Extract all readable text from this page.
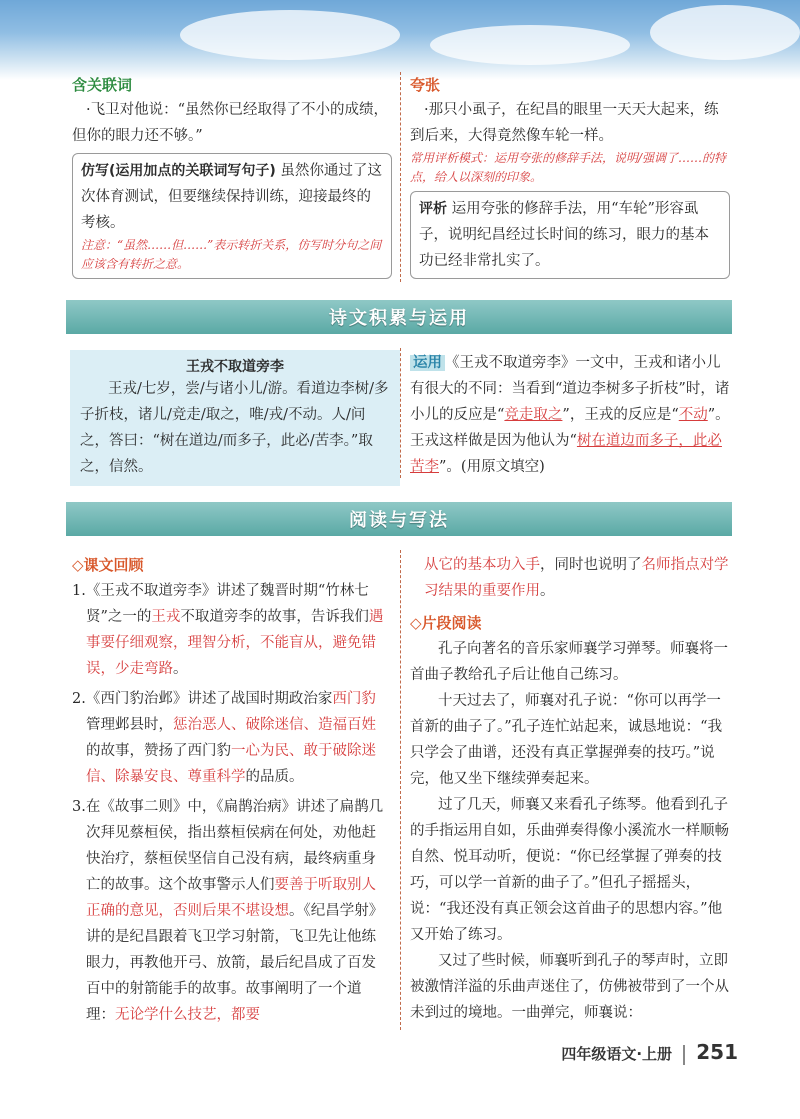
含关联词
·飞卫对他说：“虽然你已经取得了不小的成绩，但你的眼力还不够。”
仿写(运用加点的关联词写句子) 虽然你通过了这次体育测试，但要继续保持训练，迎接最终的考核。
注意：“虽然……但……”表示转折关系，仿写时分句之间应该含有转折之意。
夸张
·那只小虱子，在纪昌的眼里一天天大起来，练到后来，大得竟然像车轮一样。
常用评析模式：运用夸张的修辞手法，说明/强调了……的特点，给人以深刻的印象。
评析 运用夸张的修辞手法，用“车轮”形容虱子，说明纪昌经过长时间的练习，眼力的基本功已经非常扎实了。
诗文积累与运用
王戎不取道旁李
王戎/七岁，尝/与诸小儿/游。看道边李树/多子折枝，诸儿/竞走/取之，唯/戎/不动。人/问之，答曰：“树在道边/而多子，此必/苦李。”取之，信然。
运用 《王戎不取道旁李》一文中，王戎和诸小儿有很大的不同：当看到“道边李树多子折枝”时，诸小儿的反应是“竞走取之”，王戎的反应是“不动”。王戎这样做是因为他认为“树在道边而多子，此必苦李”。(用原文填空)
阅读与写法
◇课文回顾
1.《王戎不取道旁李》讲述了魏晋时期“竹林七贤”之一的王戎不取道旁李的故事，告诉我们遇事要仔细观察，理智分析，不能盲从，避免错误，少走弯路。
2.《西门豹治邺》讲述了战国时期政治家西门豹管理邺县时，惩治恶人、破除迷信、造福百姓的故事，赞扬了西门豹一心为民、敢于破除迷信、除暴安良、尊重科学的品质。
3.在《故事二则》中，《扁鹊治病》讲述了扁鹊几次拜见蔡桓侯，指出蔡桓侯病在何处，劝他赶快治疗，蔡桓侯坚信自己没有病，最终病重身亡的故事。这个故事警示人们要善于听取别人正确的意见，否则后果不堪设想。《纪昌学射》讲的是纪昌跟着飞卫学习射箭，飞卫先让他练眼力，再教他开弓、放箭，最后纪昌成了百发百中的射箭能手的故事。故事阐明了一个道理：无论学什么技艺，都要
从它的基本功入手，同时也说明了名师指点对学习结果的重要作用。
◇片段阅读
孔子向著名的音乐家师襄学习弹琴。师襄将一首曲子教给孔子后让他自己练习。
十天过去了，师襄对孔子说：“你可以再学一首新的曲子了。”孔子连忙站起来，诚恳地说：“我只学会了曲谱，还没有真正掌握弹奏的技巧。”说完，他又坐下继续弹奏起来。
过了几天，师襄又来看孔子练琴。他看到孔子的手指运用自如，乐曲弹奏得像小溪流水一样顺畅自然、悦耳动听，便说：“你已经掌握了弹奏的技巧，可以学一首新的曲子了。”但孔子摇摇头，说：“我还没有真正领会这首曲子的思想内容。”他又开始了练习。
又过了些时候，师襄听到孔子的琴声时，立即被激情洋溢的乐曲声迷住了，仿佛被带到了一个从未到过的境地。一曲弹完，师襄说：
四年级语文·上册 251
